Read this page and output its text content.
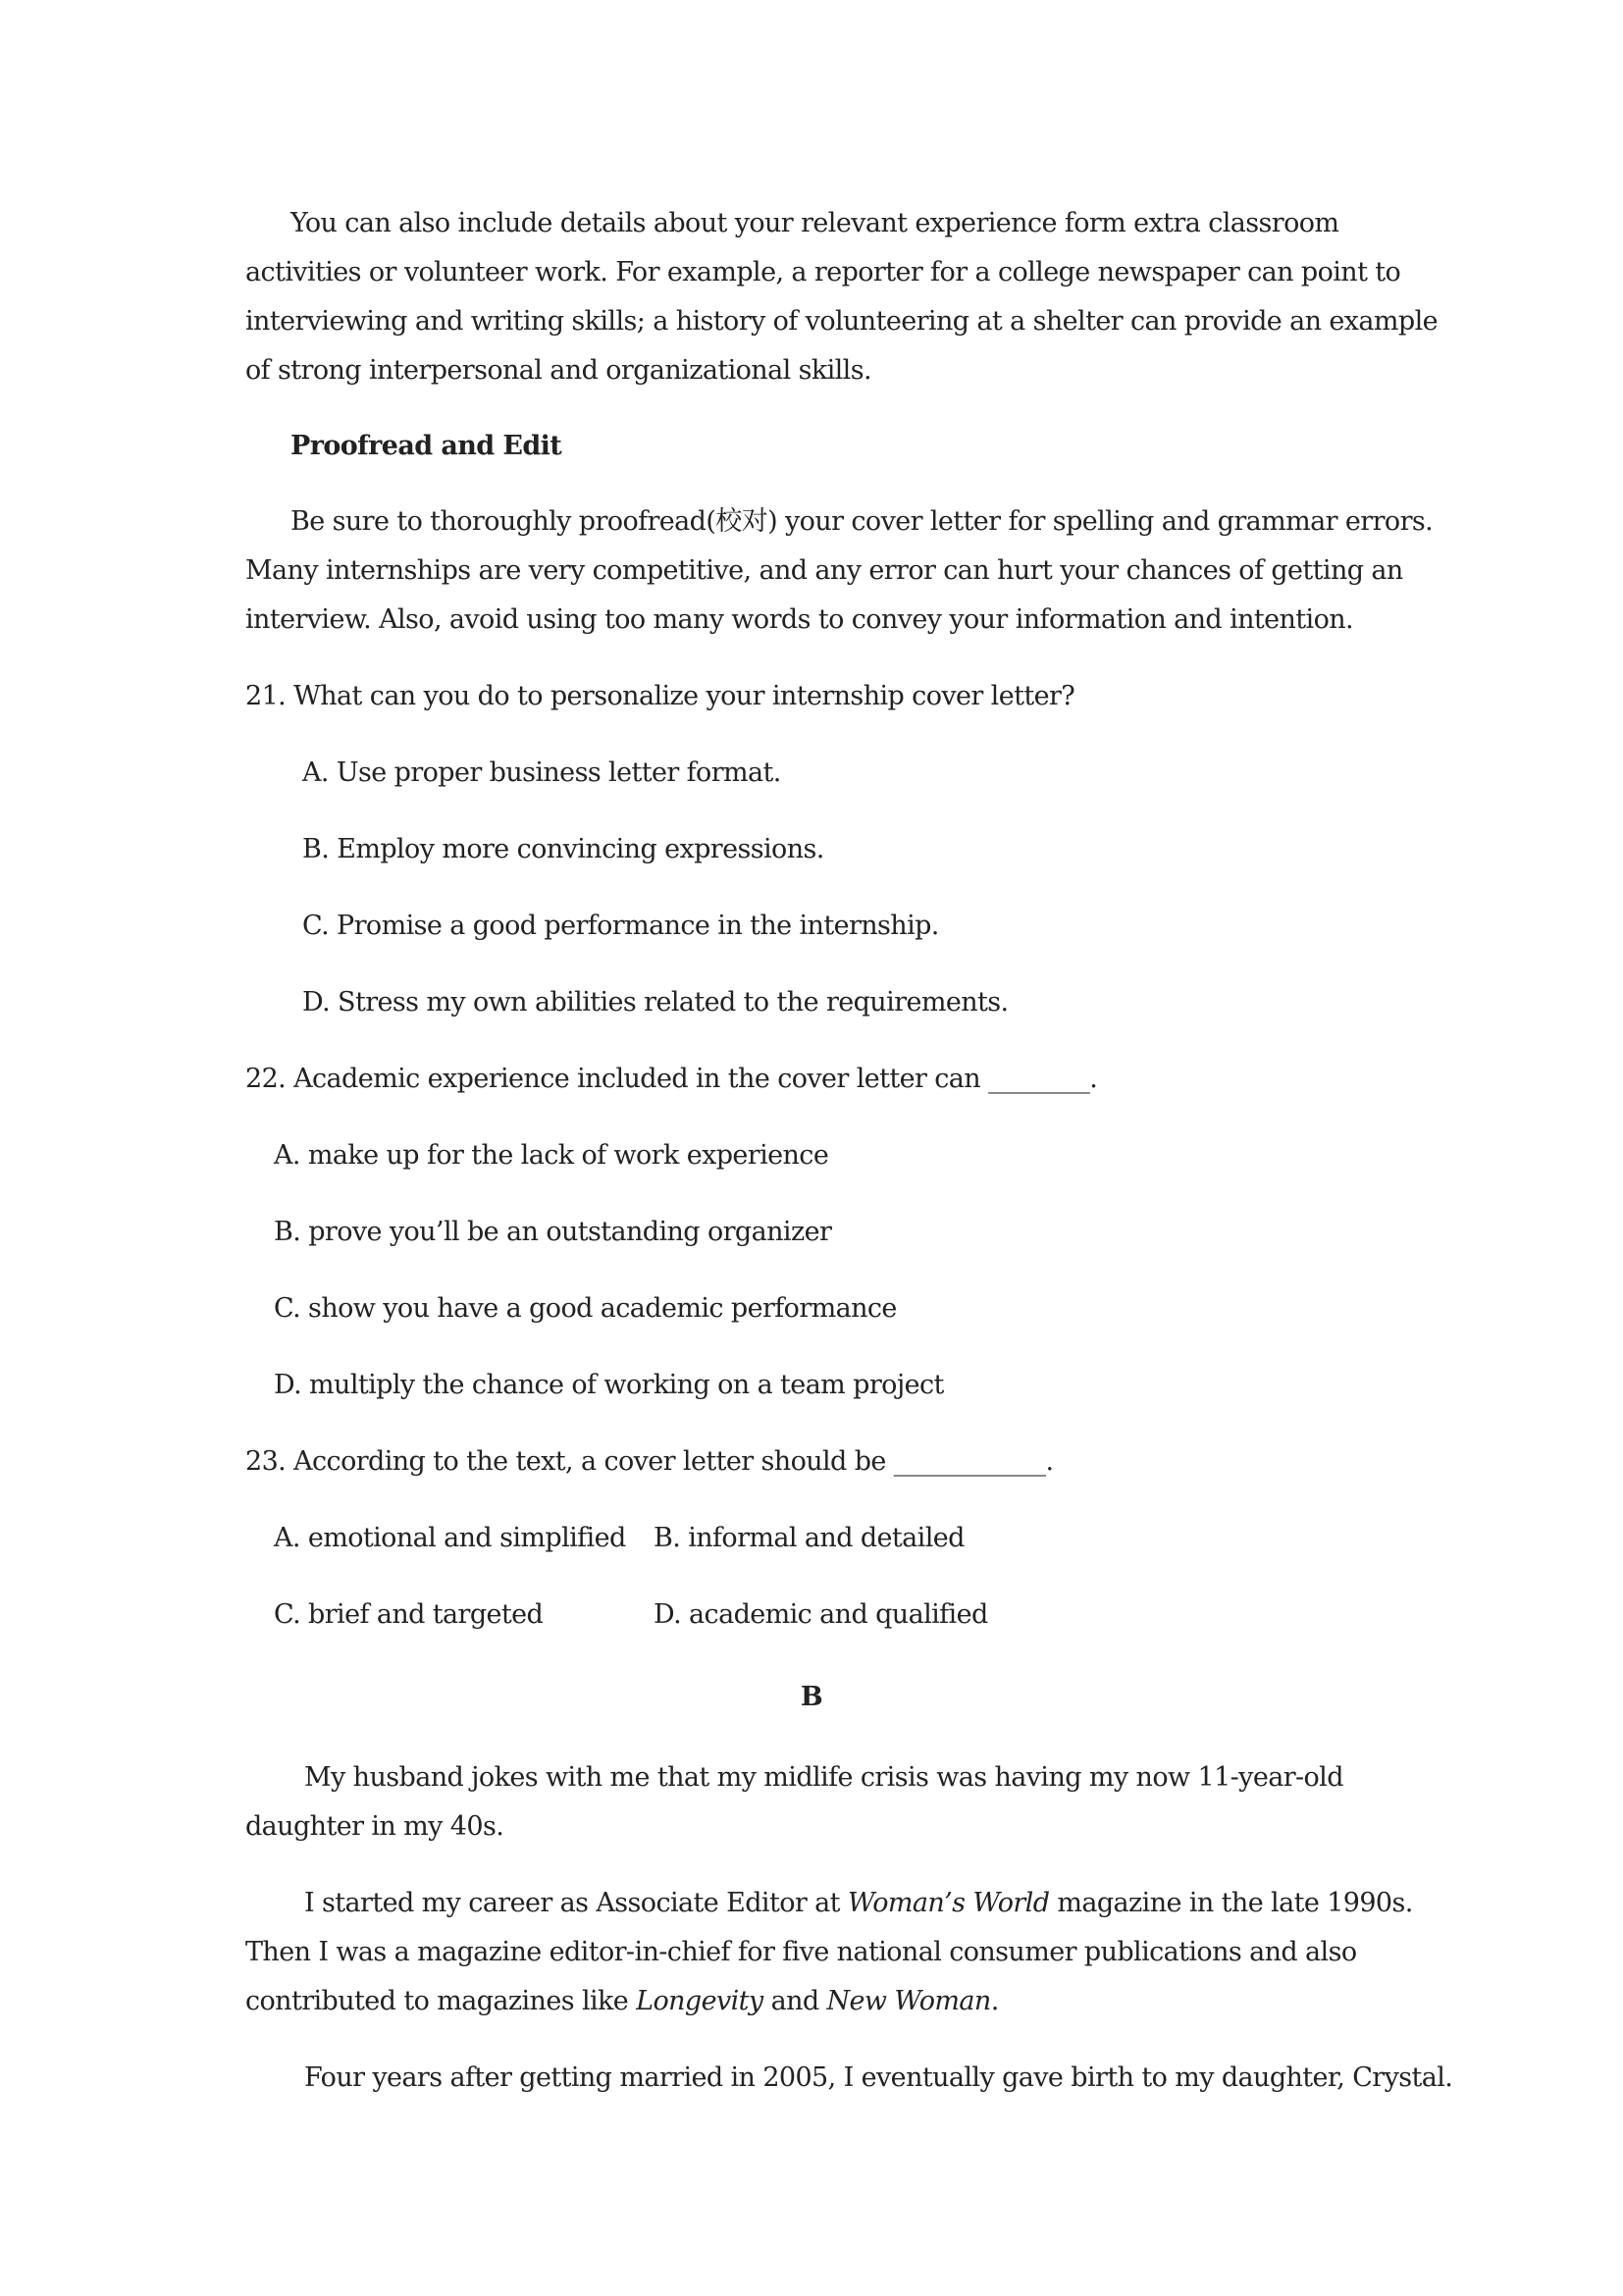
You can also include details about your relevant experience form extra classroom
activities or volunteer work. For example, a reporter for a college newspaper can point to
interviewing and writing skills; a history of volunteering at a shelter can provide an example
of strong interpersonal and organizational skills.
Proofread and Edit
Be sure to thoroughly proofread(校对) your cover letter for spelling and grammar errors.
Many internships are very competitive, and any error can hurt your chances of getting an
interview. Also, avoid using too many words to convey your information and intention.
21. What can you do to personalize your internship cover letter?
A. Use proper business letter format.
B. Employ more convincing expressions.
C. Promise a good performance in the internship.
D. Stress my own abilities related to the requirements.
22. Academic experience included in the cover letter can ________.
A. make up for the lack of work experience
B. prove you’ll be an outstanding organizer
C. show you have a good academic performance
D. multiply the chance of working on a team project
23. According to the text, a cover letter should be ____________.
A. emotional and simplified B. informal and detailed
C. brief and targeted	D. academic and qualified
B
My husband jokes with me that my midlife crisis was having my now 11-year-old
daughter in my 40s.
I started my career as Associate Editor at Woman’s World magazine in the late 1990s.
Then I was a magazine editor-in-chief for five national consumer publications and also
contributed to magazines like Longevity and New Woman.
Four years after getting married in 2005, I eventually gave birth to my daughter, Crystal.
